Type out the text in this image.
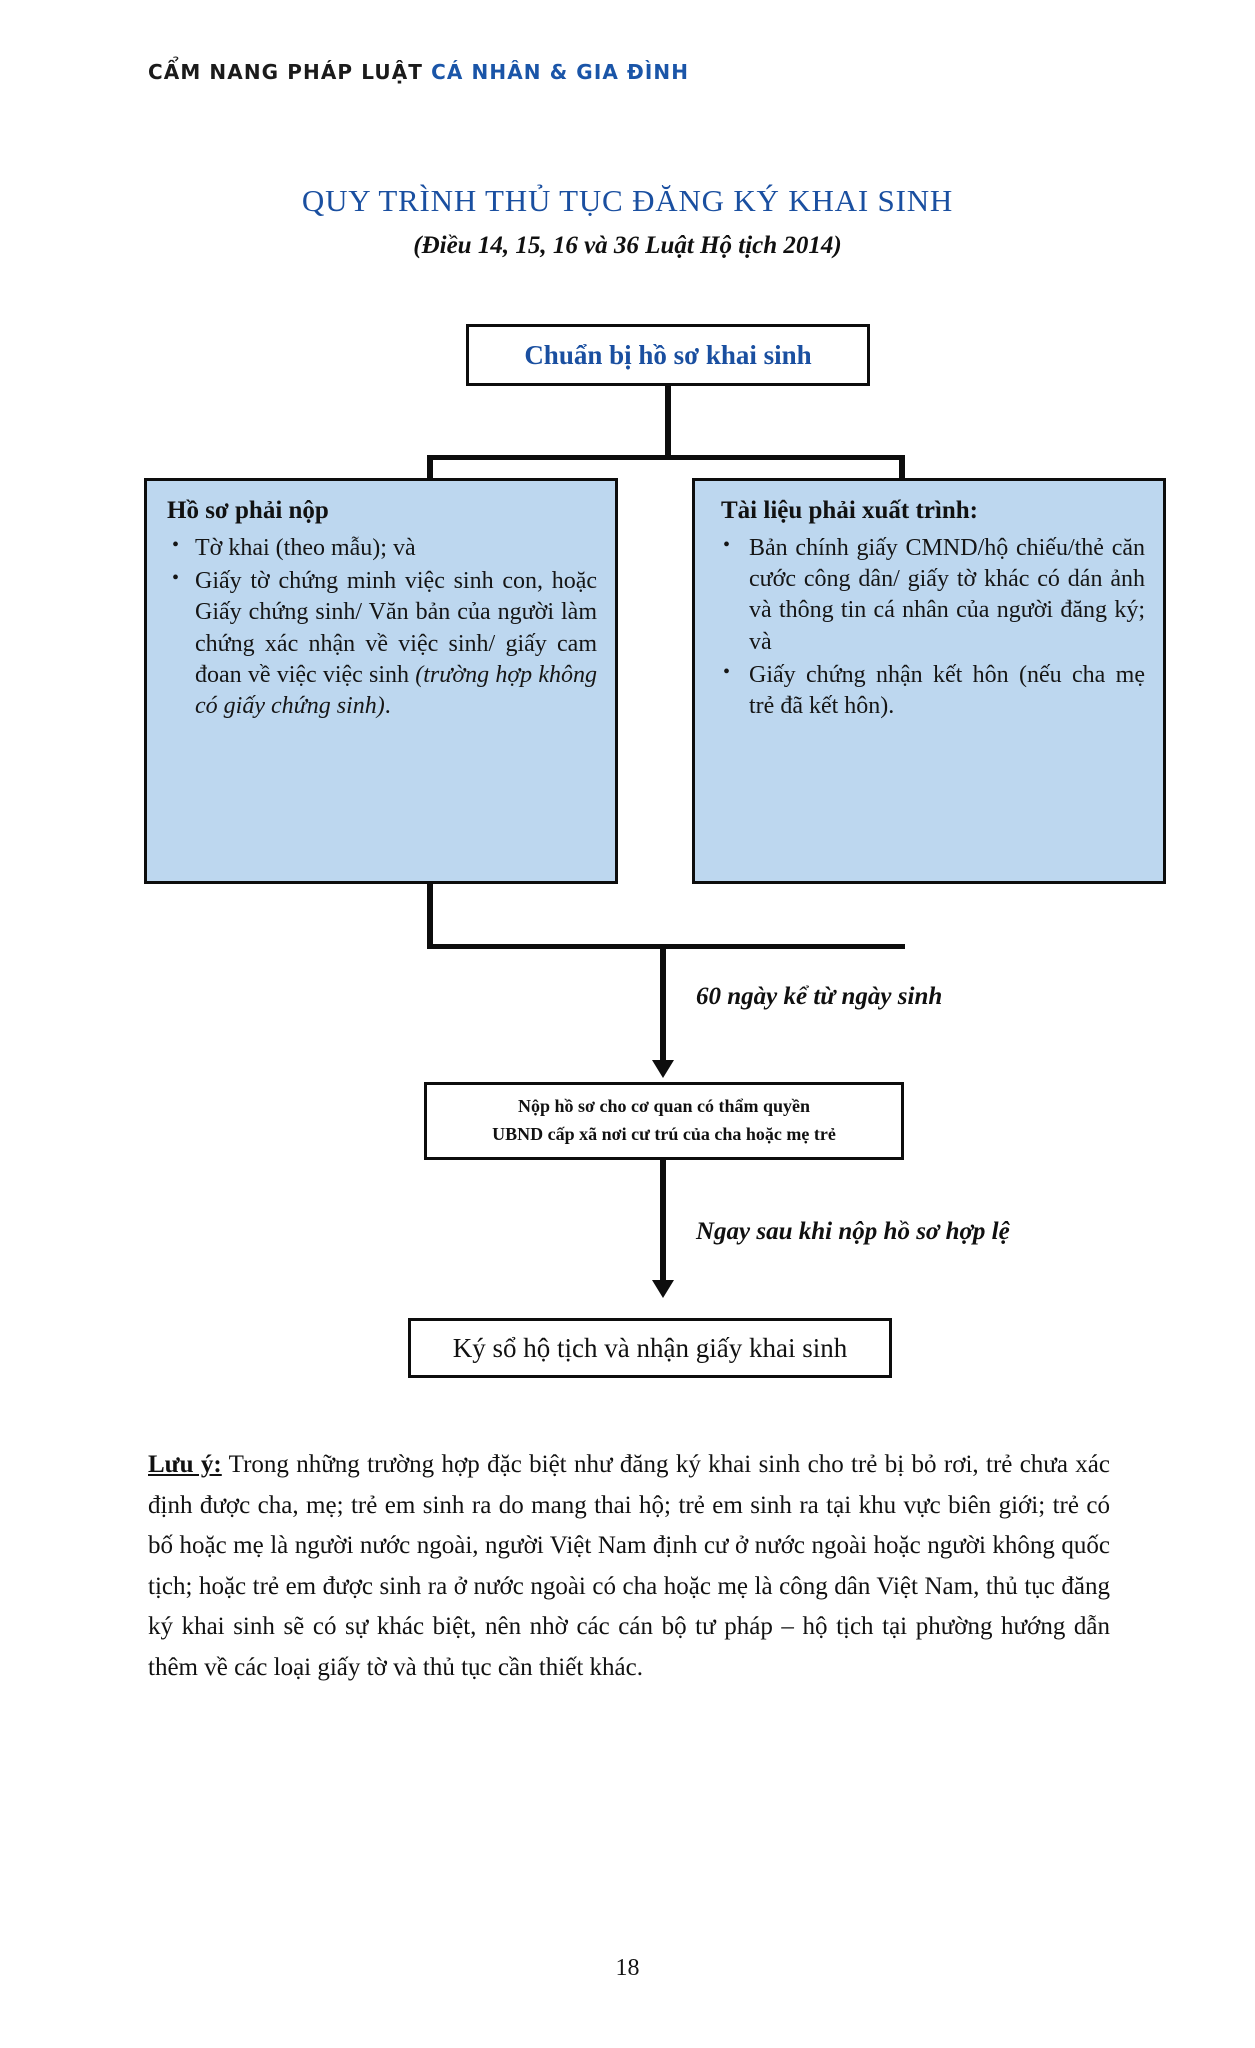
CẨM NANG PHÁP LUẬT CÁ NHÂN & GIA ĐÌNH
QUY TRÌNH THỦ TỤC ĐĂNG KÝ KHAI SINH
(Điều 14, 15, 16 và 36 Luật Hộ tịch 2014)
Chuẩn bị hồ sơ khai sinh
Hồ sơ phải nộp
• Tờ khai (theo mẫu); và
• Giấy tờ chứng minh việc sinh con, hoặc Giấy chứng sinh/ Văn bản của người làm chứng xác nhận về việc sinh/ giấy cam đoan về việc việc sinh (trường hợp không có giấy chứng sinh).
Tài liệu phải xuất trình:
• Bản chính giấy CMND/hộ chiếu/thẻ căn cước công dân/ giấy tờ khác có dán ảnh và thông tin cá nhân của người đăng ký; và
• Giấy chứng nhận kết hôn (nếu cha mẹ trẻ đã kết hôn).
60 ngày kể từ ngày sinh
Nộp hồ sơ cho cơ quan có thẩm quyền
UBND cấp xã nơi cư trú của cha hoặc mẹ trẻ
Ngay sau khi nộp hồ sơ hợp lệ
Ký sổ hộ tịch và nhận giấy khai sinh
Lưu ý: Trong những trường hợp đặc biệt như đăng ký khai sinh cho trẻ bị bỏ rơi, trẻ chưa xác định được cha, mẹ; trẻ em sinh ra do mang thai hộ; trẻ em sinh ra tại khu vực biên giới; trẻ có bố hoặc mẹ là người nước ngoài, người Việt Nam định cư ở nước ngoài hoặc người không quốc tịch; hoặc trẻ em được sinh ra ở nước ngoài có cha hoặc mẹ là công dân Việt Nam, thủ tục đăng ký khai sinh sẽ có sự khác biệt, nên nhờ các cán bộ tư pháp – hộ tịch tại phường hướng dẫn thêm về các loại giấy tờ và thủ tục cần thiết khác.
18
